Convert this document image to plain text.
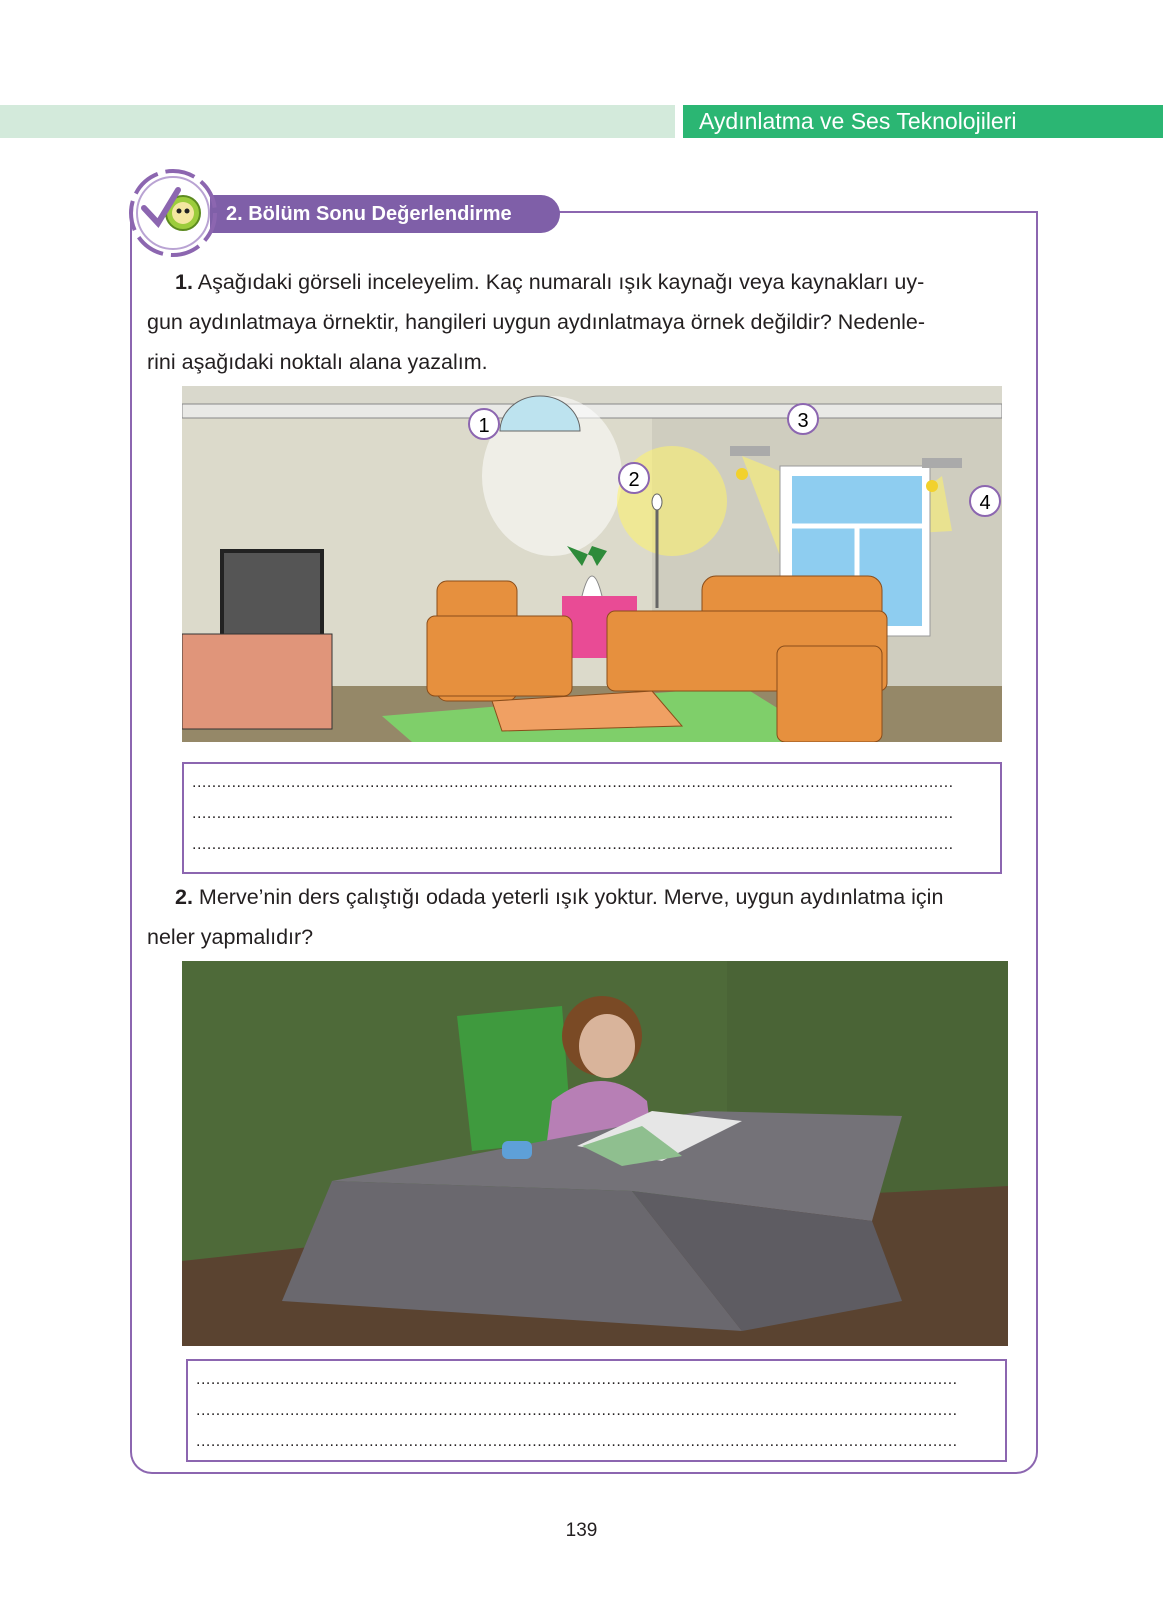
Aydınlatma ve Ses Teknolojileri
2. Bölüm Sonu Değerlendirme
1. Aşağıdaki görseli inceleyelim. Kaç numaralı ışık kaynağı veya kaynakları uy-
gun aydınlatmaya örnektir, hangileri uygun aydınlatmaya örnek değildir? Nedenle-
rini aşağıdaki noktalı alana yazalım.
1
2
3
4
..........................................................................................................................................................
..........................................................................................................................................................
..........................................................................................................................................................
2. Merve’nin ders çalıştığı odada yeterli ışık yoktur. Merve, uygun aydınlatma için
neler yapmalıdır?
..........................................................................................................................................................
..........................................................................................................................................................
..........................................................................................................................................................
139
